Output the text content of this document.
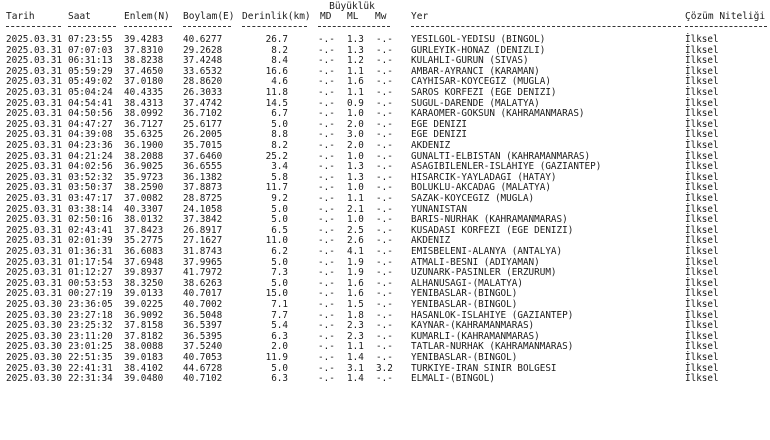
Büyüklük
Tarih	Saat	Enlem(N) Boylam(E) Derinlik(km) MD ML Mw	Yer	Çözüm Niteliği
2025.03.31 07:23:55	39.4283	40.6277	26.7	-.-	1.3	-.-	YESILGOL-YEDISU (BINGOL)	İlksel
2025.03.31 07:07:03	37.8310	29.2628	8.2	-.-	1.3	-.-	GURLEYIK-HONAZ (DENIZLI)	İlksel
2025.03.31 06:31:13	38.8238	37.4248	8.4	-.-	1.2	-.-	KULAHLI-GURUN (SIVAS)	İlksel
2025.03.31 05:59:29	37.4650	33.6532	16.6	-.-	1.1	-.-	AMBAR-AYRANCI (KARAMAN)	İlksel
2025.03.31 05:49:02	37.0180	28.8620	4.6	-.-	1.6	-.-	CAYHISAR-KOYCEGIZ (MUGLA)	İlksel
2025.03.31 05:04:24	40.4335	26.3033	11.8	-.-	1.1	-.-	SAROS KORFEZI (EGE DENIZI)	İlksel
2025.03.31 04:54:41	38.4313	37.4742	14.5	-.-	0.9	-.-	SUGUL-DARENDE (MALATYA)	İlksel
2025.03.31 04:50:56	38.0992	36.7102	6.7	-.-	1.0	-.-	KARAOMER-GOKSUN (KAHRAMANMARAS)	İlksel
2025.03.31 04:47:27	36.7127	25.6177	5.0	-.-	2.0	-.-	EGE DENIZI	İlksel
2025.03.31 04:39:08	35.6325	26.2005	8.8	-.-	3.0	-.-	EGE DENIZI	İlksel
2025.03.31 04:23:36	36.1900	35.7015	8.2	-.-	2.0	-.-	AKDENIZ	İlksel
2025.03.31 04:21:24	38.2088	37.6460	25.2	-.-	1.0	-.-	GUNALTI-ELBISTAN (KAHRAMANMARAS)	İlksel
2025.03.31 04:02:56	36.9025	36.6555	3.4	-.-	1.3	-.-	ASAGIBILENLER-ISLAHIYE (GAZIANTEP)	İlksel
2025.03.31 03:52:32	35.9723	36.1382	5.8	-.-	1.3	-.-	HISARCIK-YAYLADAGI (HATAY)	İlksel
2025.03.31 03:50:37	38.2590	37.8873	11.7	-.-	1.0	-.-	BOLUKLU-AKCADAG (MALATYA)	İlksel
2025.03.31 03:47:17	37.0082	28.8725	9.2	-.-	1.1	-.-	SAZAK-KOYCEGIZ (MUGLA)	İlksel
2025.03.31 03:38:14	40.3307	24.1058	5.0	-.-	2.1	-.-	YUNANISTAN	İlksel
2025.03.31 02:50:16	38.0132	37.3842	5.0	-.-	1.0	-.-	BARIS-NURHAK (KAHRAMANMARAS)	İlksel
2025.03.31 02:43:41	37.8423	26.8917	6.5	-.-	2.5	-.-	KUSADASI KORFEZI (EGE DENIZI)	İlksel
2025.03.31 02:01:39	35.2775	27.1627	11.0	-.-	2.6	-.-	AKDENIZ	İlksel
2025.03.31 01:36:31	36.6083	31.8743	6.2	-.-	4.1	-.-	EMISBELENI-ALANYA (ANTALYA)	İlksel
2025.03.31 01:17:54	37.6948	37.9965	5.0	-.-	1.9	-.-	ATMALI-BESNI (ADIYAMAN)	İlksel
2025.03.31 01:12:27	39.8937	41.7972	7.3	-.-	1.9	-.-	UZUNARK-PASINLER (ERZURUM)	İlksel
2025.03.31 00:53:53	38.3250	38.6263	5.0	-.-	1.6	-.-	ALHANUSAGI-(MALATYA)	İlksel
2025.03.31 00:27:19	39.0133	40.7017	15.0	-.-	1.6	-.-	YENIBASLAR-(BINGOL)	İlksel
2025.03.30 23:36:05	39.0225	40.7002	7.1	-.-	1.5	-.-	YENIBASLAR-(BINGOL)	İlksel
2025.03.30 23:27:18	36.9092	36.5048	7.7	-.-	1.8	-.-	HASANLOK-ISLAHIYE (GAZIANTEP)	İlksel
2025.03.30 23:25:32	37.8158	36.5397	5.4	-.-	2.3	-.-	KAYNAR-(KAHRAMANMARAS)	İlksel
2025.03.30 23:11:20	37.8182	36.5395	6.3	-.-	2.3	-.-	KUMARLI-(KAHRAMANMARAS)	İlksel
2025.03.30 23:01:25	38.0088	37.5240	2.0	-.-	1.1	-.-	TATLAR-NURHAK (KAHRAMANMARAS)	İlksel
2025.03.30 22:51:35	39.0183	40.7053	11.9	-.-	1.4	-.-	YENIBASLAR-(BINGOL)	İlksel
2025.03.30 22:41:31	38.4102	44.6728	5.0	-.-	3.1	3.2	TURKIYE-IRAN SINIR BOLGESI	İlksel
2025.03.30 22:31:34	39.0480	40.7102	6.3	-.-	1.4	-.-	ELMALI-(BINGOL)	İlksel
